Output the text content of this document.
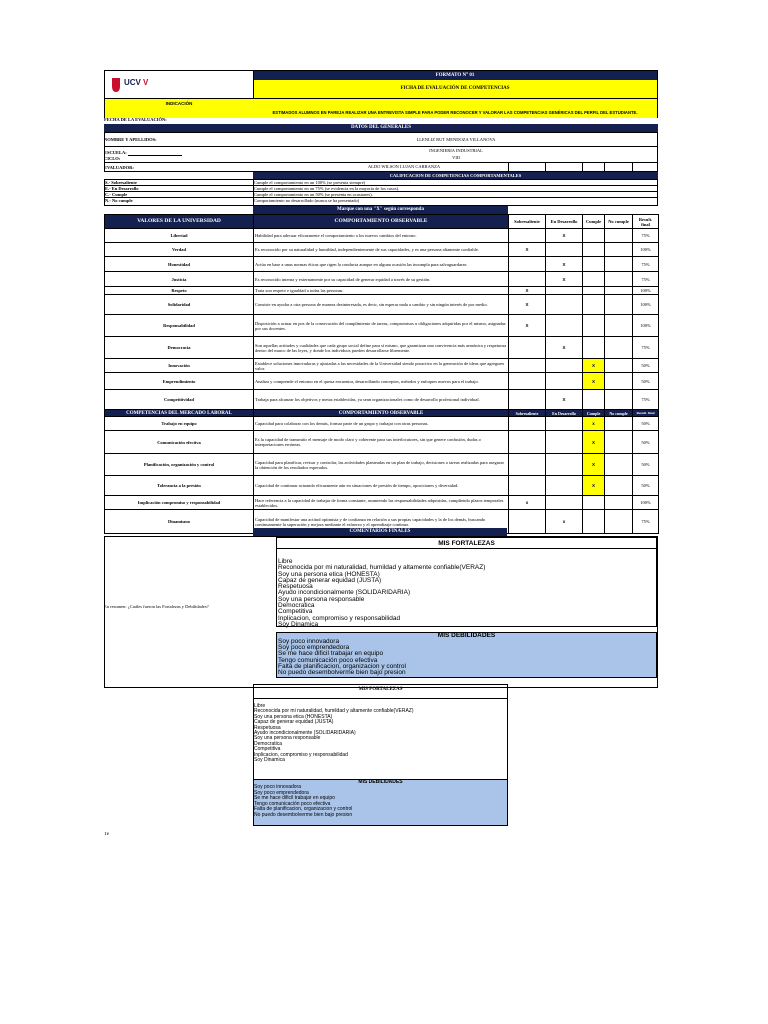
UCV V
FORMATO N° 01
FICHA DE EVALUACIÓN DE COMPETENCIAS
INDICACIÓN
ESTIMADOS ALUMNOS EN PAREJA REALIZAR UNA ENTREVISTA SIMPLE PARA PODER RECONOCER Y VALORAR LAS COMPETENCIAS GENÉRICAS DEL PERFIL DEL ESTUDIANTE.
FECHA DE LA EVALUACIÓN:
DATOS DEL GENERALES
NOMBRE Y APELLIDOS:	LLENLIZ RUT MENDOZA VILLANOVA
ESCUELA:	INGENIERIA INDUSTRIAL
CICLO:	VIII
EVALUADOR:	ALDO WILSON LUJAN CARRANZA
CALIFICACION DE COMPETENCIAS COMPORTAMENTALES
S.- Sobresaliente	Cumple el comportamiento en un 100% (se presenta siempre)
E.- En Desarrollo	Cumple el comportamiento en un 75% (se evidencia en la mayoría de los casos).
C.- Cumple	Cumple el comportamiento en un 50% (se presenta en ocasiones).
N.- No cumple	Comportamiento no desarrollado (nunca se ha presentado)
Marque con una "X" según corresponda
VALORES DE LA UNIVERSIDAD	COMPORTAMIENTO OBSERVABLE	Sobresaliente	En Desarrollo	Cumple	No cumple	Result. final
Libertad	Habilidad para adecuar eficazmente el comportamiento a los nuevos cambios del entorno.		X			75%
Verdad	Es reconocido por su naturalidad y humildad, independientemente de sus capacidades, y es una persona altamente confiable.	X				100%
Honestidad	Actúa en base a unas normas éticas que rigen la conducta aunque en alguna ocasión las incumpla para salvaguardarse.		X			75%
Justicia	Es reconocido interna y externamente por su capacidad de generar equidad a través de su gestión.		X			75%
Respeto	Trata son respeto e igualdad a todas las personas.	X				100%
Solidaridad	Consiste en ayudar a otra persona de manera desinteresada, es decir, sin esperar nada a cambio y sin ningún interés de por medio.	X				100%
Responsabilidad	Disposición a actuar en pos de la consecución del cumplimiento de tareas, compromisos u obligaciones adquiridas por el mismo, asignadas por sus docentes.	X				100%
Democracia	Son aquellas actitudes y cualidades que cada grupo social define para sí mismo, que garantizan una convivencia más armónica y respetuosa dentro del marco de las leyes, y donde los individuos pueden desarrollarse libremente.		X			75%
Innovación	Establece soluciones innovadoras y ajustadas a las necesidades de la Universidad siendo proactivo en la generación de ideas que agreguen valor.			X		50%
Emprendimiento	Analiza y comprende el entorno en el queua encuentra, desarrollando conceptos, métodos y enfoques nuevos para el trabajo.			X		50%
Competitividad	Trabaja para alcanzar los objetivos y metas establecidas, ya sean organizacionales como de desarrollo profesional individual.		X			75%
COMPETENCIAS DEL MERCADO LABORAL	COMPORTAMIENTO OBSERVABLE	Sobresaliente	En Desarrollo	Cumple	No cumple	Result. final
Trabajo en equipo	Capacidad para colaborar con los demás, formar parte de un grupo y trabajar con otras personas.			x		50%
Comunicación efectiva	Es la capacidad de transmitir el mensaje de modo claro y coherente para sus interlocutores, sin que genere confusión, dudas o interpretaciones erróneas.			X		50%
Planificación, organización y control	Capacidad para planificar, revisar y controlar, las actividades planteadas en un plan de trabajo, decisiones o tareas realizadas para asegurar la obtención de los resultados esperados.			X		50%
Tolerancia a la presión	Capacidad de continuar actuando eficazmente aún en situaciones de presión de tiempo, oposiciones y diversidad.			X		50%
Implicación compromiso y responsabilidad	Hace referencia a la capacidad de trabajar de forma constante, asumiendo las responsabilidades adquiridas, cumpliendo plazos temporales establecidos.	x				100%
Dinamismo	Capacidad de manifestar una actitud optimista y de confianza en relación a sus propias capacidades y la de los demás, buscando continuamente la superación y mejora mediante el esfuerzo y el aprendizaje continuo.		x			75%
COMENTARIOS FINALES
En resumen: ¿Cuáles fueron las Fortalezas y Debilidades?
MIS FORTALEZAS
Libre
Reconocida por mi naturalidad, humildad y altamente confiable(VERAZ)
Soy una persona etica (HONESTA)
Capaz de generar equidad (JUSTA)
Respetuosa
Ayudo incondicionalmente (SOLIDARIDARIA)
Soy una persona responsable
Democratica
Competitiva
Inplicacion, compromiso y responsabilidad
Soy Dinamica
MIS DEBILIDADES
Soy poco innovadora
Soy poco emprendedora
Se me hace dificil trabajar en equipo
Tengo comunicación poco efectiva
Falta de planificacion, organizacion y control
No puedo desembolverme bien bajo presion
MIS FORTALEZAS
Libre
Reconocida por mi naturalidad, humildad y altamente confiable(VERAZ)
Soy una persona etica (HONESTA)
Capaz de generar equidad (JUSTA)
Respetuosa
Ayudo incondicionalmente (SOLIDARIDARIA)
Soy una persona responsable
Democratica
Competitiva
Inplicacion, compromiso y responsabilidad
Soy Dinamica
MIS DEBILIDADES
Soy poco innovadora
Soy poco emprendedora
Se me hace dificil trabajar en equipo
Tengo comunicación poco efectiva
Falta de planificacion, organizacion y control
No puedo desembolverme bien bajo presion
Te
